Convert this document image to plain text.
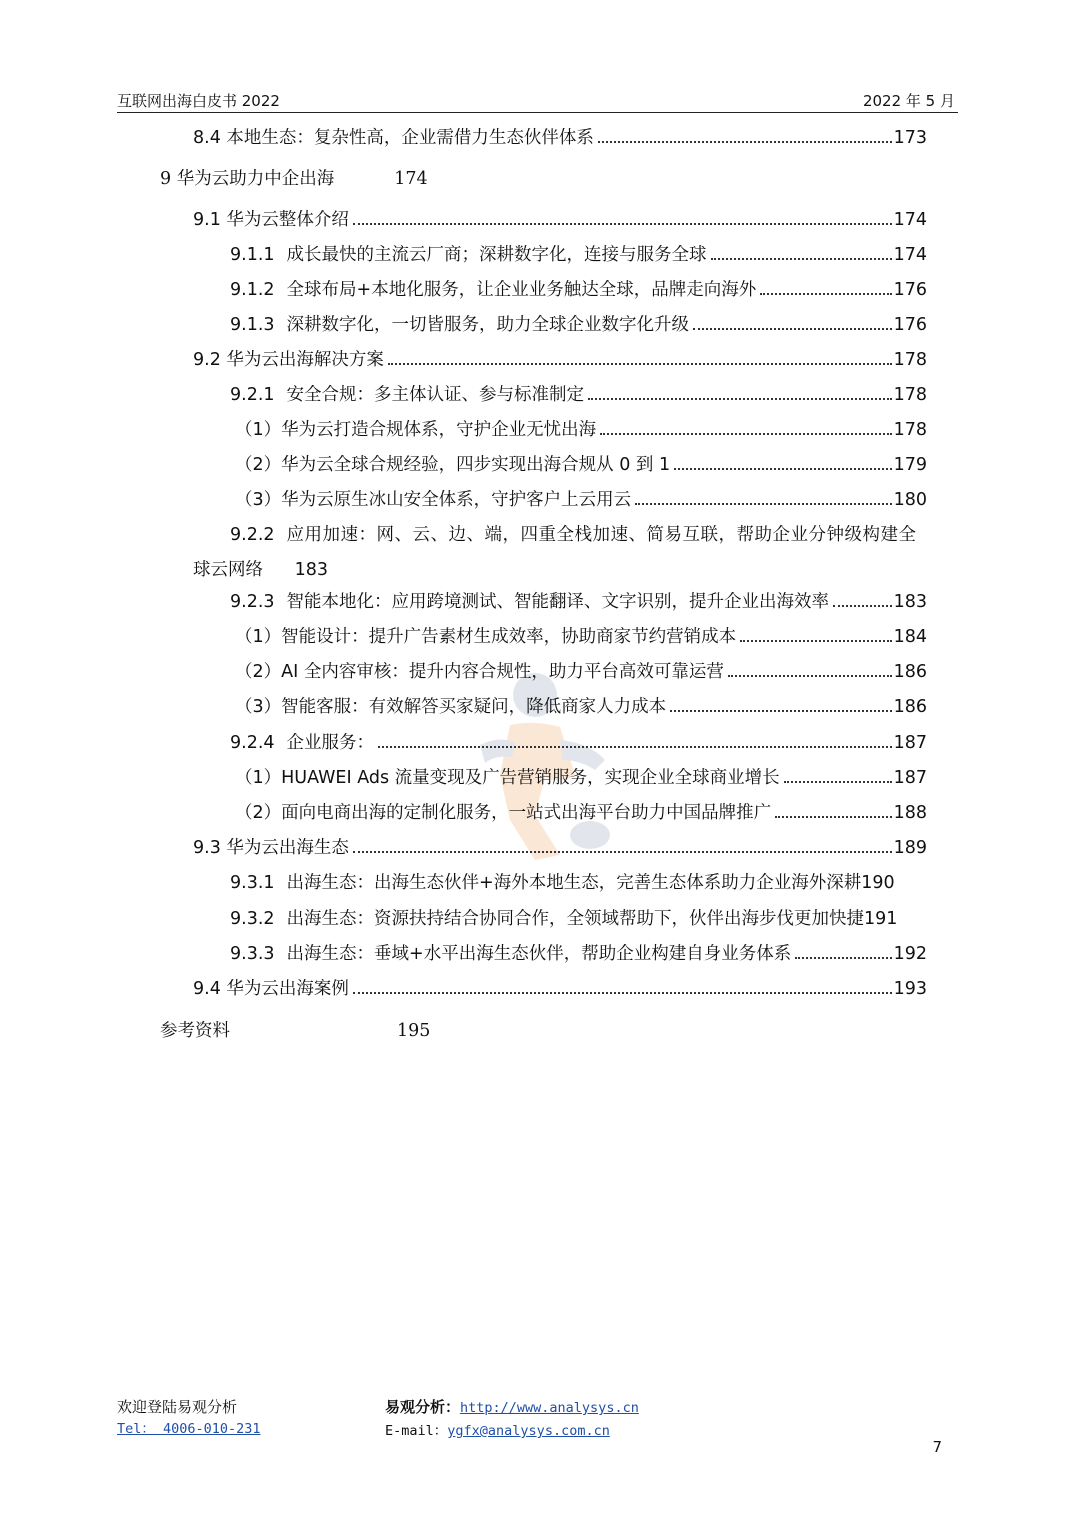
互联网出海白皮书 2022	2022 年 5 月
8.4 本地生态：复杂性高，企业需借力生态伙伴体系	173
9 华为云助力中企出海	174
9.1 华为云整体介绍	174
9.1.1 成长最快的主流云厂商；深耕数字化，连接与服务全球	174
9.1.2 全球布局+本地化服务，让企业业务触达全球，品牌走向海外	176
9.1.3 深耕数字化，一切皆服务，助力全球企业数字化升级	176
9.2 华为云出海解决方案	178
9.2.1 安全合规：多主体认证、参与标准制定	178
（1）华为云打造合规体系，守护企业无忧出海	178
（2）华为云全球合规经验，四步实现出海合规从 0 到 1	179
（3）华为云原生冰山安全体系，守护客户上云用云	180
9.2.2 应用加速：网、云、边、端，四重全栈加速、简易互联，帮助企业分钟级构建全
球云网络 183
9.2.3 智能本地化：应用跨境测试、智能翻译、文字识别，提升企业出海效率	183
（1）智能设计：提升广告素材生成效率，协助商家节约营销成本	184
（2）AI 全内容审核：提升内容合规性，助力平台高效可靠运营	186
（3）智能客服：有效解答买家疑问，降低商家人力成本	186
9.2.4 企业服务：	187
（1）HUAWEI Ads 流量变现及广告营销服务，实现企业全球商业增长	187
（2）面向电商出海的定制化服务，一站式出海平台助力中国品牌推广	188
9.3 华为云出海生态	189
9.3.1 出海生态：出海生态伙伴+海外本地生态，完善生态体系助力企业海外深耕 190
9.3.2 出海生态：资源扶持结合协同合作，全领域帮助下，伙伴出海步伐更加快捷 191
9.3.3 出海生态：垂域+水平出海生态伙伴，帮助企业构建自身业务体系	192
9.4 华为云出海案例	193
参考资料	195
欢迎登陆易观分析
Tel： 4006-010-231
易观分析：http://www.analysys.cn
E-mail：ygfx@analysys.com.cn
7
